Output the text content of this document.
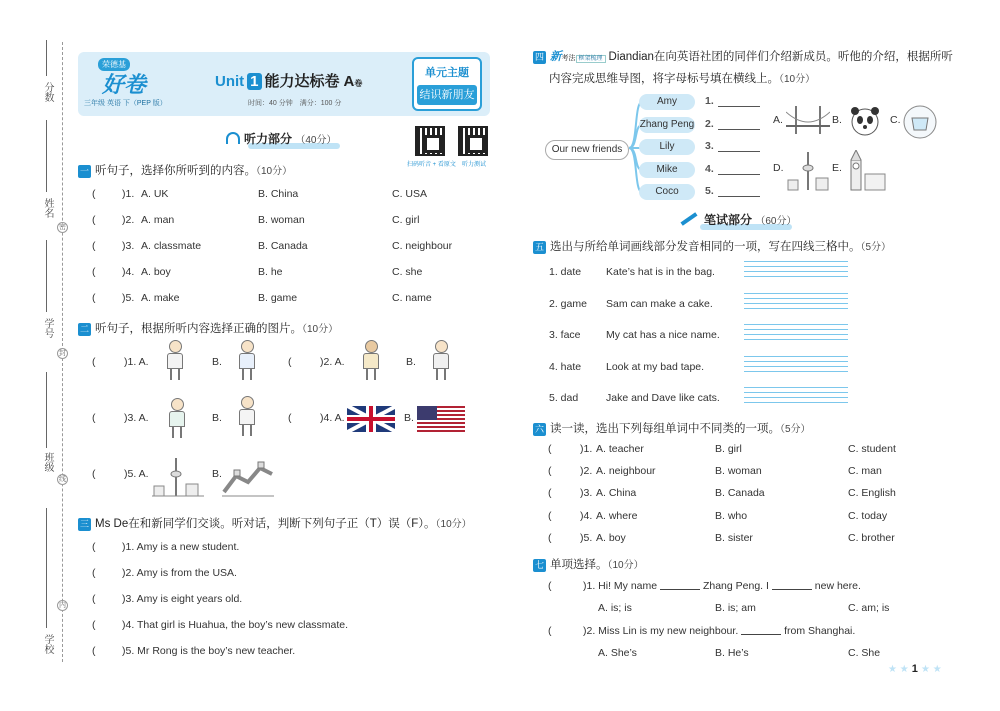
分数
姓名
学号
班级
学校
密
封
线
内
荣德基
好卷
三年级 英语 下（PEP 版）
Unit 1 能力达标卷 A卷
时间：40 分钟　满分：100 分
单元主题
结识新朋友
听力部分 （40分）
扫码听音 + 看原文 听力测试
一 听句子，选择你所听到的内容。（10分）
(	)1. A. UK	B. China	C. USA
(	)2. A. man	B. woman	C. girl
(	)3. A. classmate	B. Canada	C. neighbour
(	)4. A. boy	B. he	C. she
(	)5. A. make	B. game	C. name
二 听句子，根据所听内容选择正确的图片。（10分）
(	)1. A.	B.	(	)2. A.	B.
(	)3. A.	B.	(	)4. A.	B.
(	)5. A.	B.
三 Ms De在和新同学们交谈。听对话，判断下列句子正（T）误（F）。（10分）
(	)1. Amy is a new student.
(	)2. Amy is from the USA.
(	)3. Amy is eight years old.
(	)4. That girl is Huahua, the boy’s new classmate.
(	)5. Mr Rong is the boy’s new teacher.
四 新考法 框架梳理 Diandian在向英语社团的同伴们介绍新成员。听他的介绍，根据所听
内容完成思维导图，将字母标号填在横线上。（10分）
Our new friends
Amy	1.
Zhang Peng 2.
Lily	3.
Mike	4.
Coco	5.
A.	B.	C.
D.	E.
笔试部分 （60分）
五 选出与所给单词画线部分发音相同的一项，写在四线三格中。（5分）
1. date Kate’s hat is in the bag.
2. game Sam can make a cake.
3. face My cat has a nice name.
4. hate Look at my bad tape.
5. dad	Jake and Dave like cats.
六 读一读，选出下列每组单词中不同类的一项。（5分）
(	)1. A. teacher	B. girl	C. student
(	)2. A. neighbour	B. woman	C. man
(	)3. A. China	B. Canada	C. English
(	)4. A. where	B. who	C. today
(	)5. A. boy	B. sister	C. brother
七 单项选择。（10分）
(	)1. Hi! My name	Zhang Peng. I	new here.
A. is; is	B. is; am	C. am; is
(	)2. Miss Lin is my new neighbour.	from Shanghai.
A. She’s	B. He’s	C. She
★ ★ 1 ★ ★
